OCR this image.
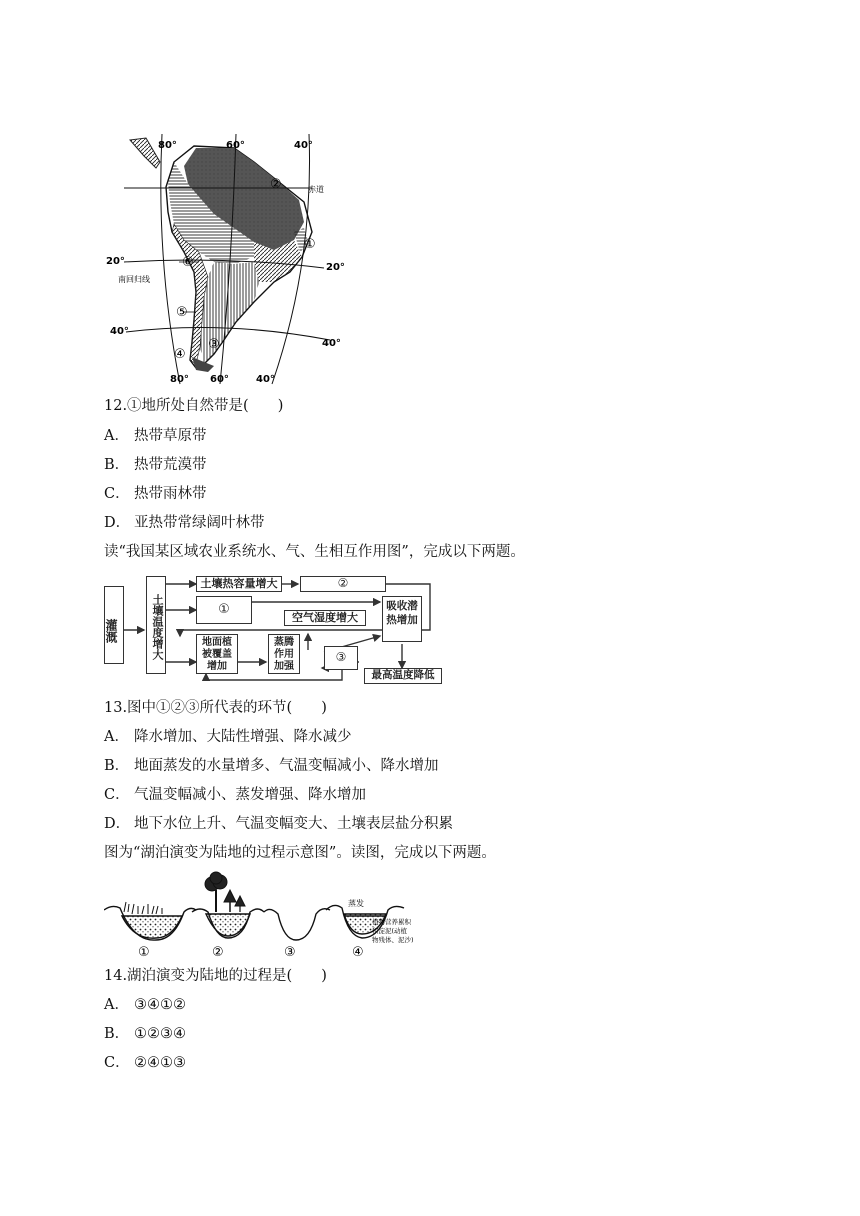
80°	60°	40°
赤道
20°
20°
南回归线
40°
40°
80° 60°	40°
①
②
③
④
⑤
⑥
12.①地所处自然带是(　　)
A． 热带草原带
B． 热带荒漠带
C． 热带雨林带
D． 亚热带常绿阔叶林带
读“我国某区域农业系统水、气、生相互作用图”，完成以下两题。
灌溉	土壤温度增大
土壤热容量增大	②
①
空气湿度增大
吸收潜热增加
地面植被覆盖增加
蒸腾作用加强
③
最高温度降低
13.图中①②③所代表的环节(　　)
A． 降水增加、大陆性增强、降水减少
B． 地面蒸发的水量增多、气温变幅减小、降水增加
C． 气温变幅减小、蒸发增强、降水增加
D． 地下水位上升、气温变幅变大、土壤表层盐分积累
图为“湖泊演变为陆地的过程示意图”。读图，完成以下两题。
蒸发
植物营养累积
积淀泥(动植
物残体、泥沙)
①	②	③	④
14.湖泊演变为陆地的过程是(　　)
A． ③④①②
B． ①②③④
C． ②④①③
